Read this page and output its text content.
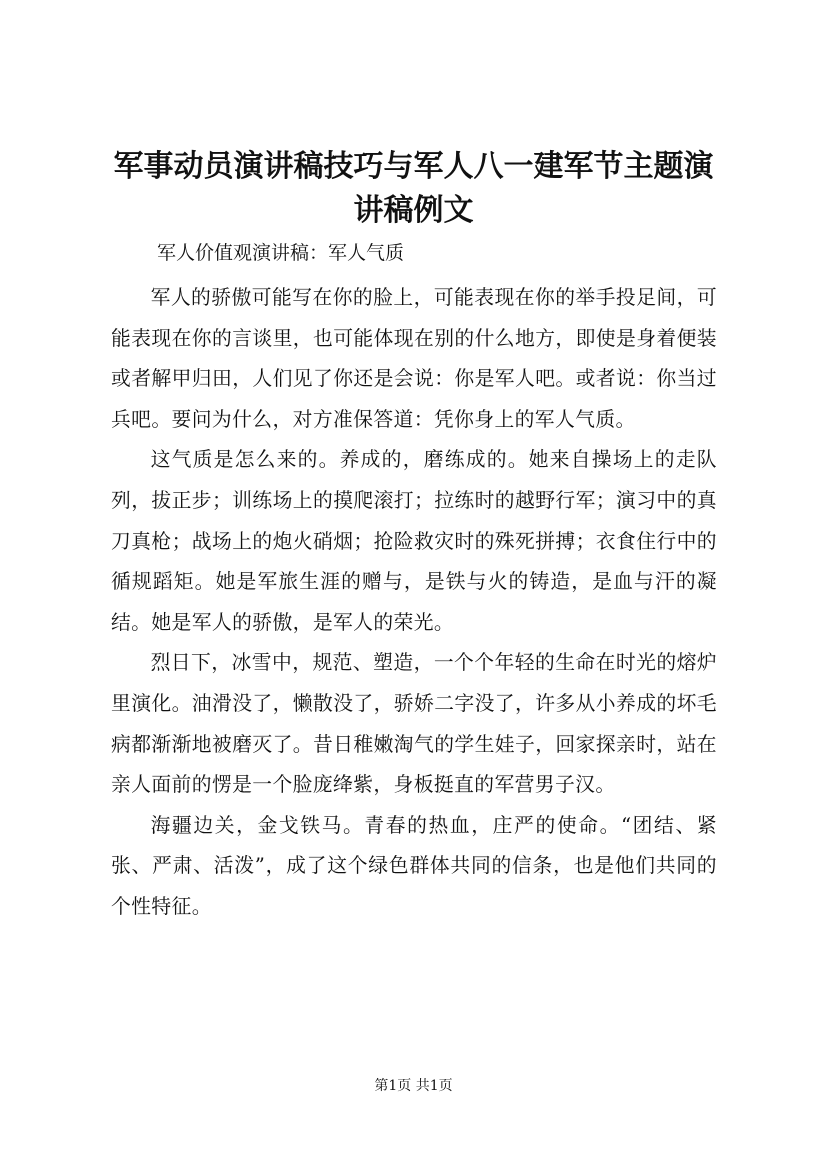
军事动员演讲稿技巧与军人八一建军节主题演讲稿例文

军人价值观演讲稿：军人气质

军人的骄傲可能写在你的脸上，可能表现在你的举手投足间，可能表现在你的言谈里，也可能体现在别的什么地方，即使是身着便装或者解甲归田，人们见了你还是会说：你是军人吧。或者说：你当过兵吧。要问为什么，对方准保答道：凭你身上的军人气质。

这气质是怎么来的。养成的，磨练成的。她来自操场上的走队列，拔正步；训练场上的摸爬滚打；拉练时的越野行军；演习中的真刀真枪；战场上的炮火硝烟；抢险救灾时的殊死拼搏；衣食住行中的循规蹈矩。她是军旅生涯的赠与，是铁与火的铸造，是血与汗的凝结。她是军人的骄傲，是军人的荣光。

烈日下，冰雪中，规范、塑造，一个个年轻的生命在时光的熔炉里演化。油滑没了，懒散没了，骄娇二字没了，许多从小养成的坏毛病都渐渐地被磨灭了。昔日稚嫩淘气的学生娃子，回家探亲时，站在亲人面前的愣是一个脸庞绛紫，身板挺直的军营男子汉。

海疆边关，金戈铁马。青春的热血，庄严的使命。“团结、紧张、严肃、活泼”，成了这个绿色群体共同的信条，也是他们共同的个性特征。

第1页 共1页
